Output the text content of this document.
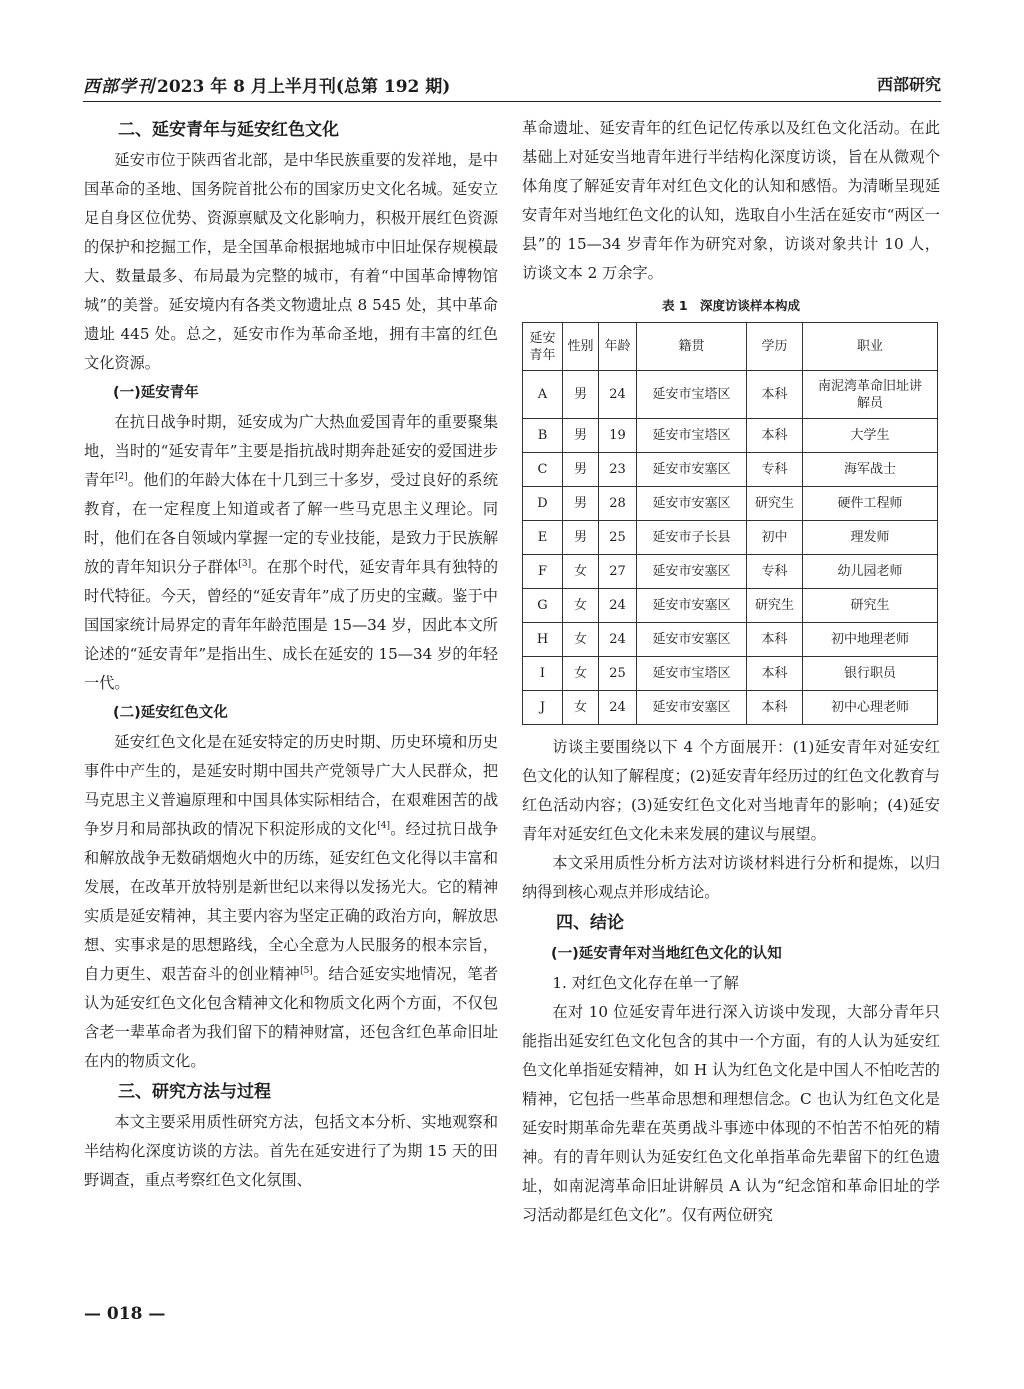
西部学刊 2023 年 8 月上半月刊(总第 192 期)	西部研究
二、延安青年与延安红色文化
延安市位于陕西省北部，是中华民族重要的发祥地，是中国革命的圣地、国务院首批公布的国家历史文化名城。延安立足自身区位优势、资源禀赋及文化影响力，积极开展红色资源的保护和挖掘工作，是全国革命根据地城市中旧址保存规模最大、数量最多、布局最为完整的城市，有着“中国革命博物馆城”的美誉。延安境内有各类文物遗址点 8 545 处，其中革命遗址 445 处。总之，延安市作为革命圣地，拥有丰富的红色文化资源。
(一)延安青年
在抗日战争时期，延安成为广大热血爱国青年的重要聚集地，当时的“延安青年”主要是指抗战时期奔赴延安的爱国进步青年[2]。他们的年龄大体在十几到三十多岁，受过良好的系统教育，在一定程度上知道或者了解一些马克思主义理论。同时，他们在各自领域内掌握一定的专业技能，是致力于民族解放的青年知识分子群体[3]。在那个时代，延安青年具有独特的时代特征。今天，曾经的“延安青年”成了历史的宝藏。鉴于中国国家统计局界定的青年年龄范围是 15—34 岁，因此本文所论述的“延安青年”是指出生、成长在延安的 15—34 岁的年轻一代。
(二)延安红色文化
延安红色文化是在延安特定的历史时期、历史环境和历史事件中产生的，是延安时期中国共产党领导广大人民群众，把马克思主义普遍原理和中国具体实际相结合，在艰难困苦的战争岁月和局部执政的情况下积淀形成的文化[4]。经过抗日战争和解放战争无数硝烟炮火中的历练，延安红色文化得以丰富和发展，在改革开放特别是新世纪以来得以发扬光大。它的精神实质是延安精神，其主要内容为坚定正确的政治方向，解放思想、实事求是的思想路线，全心全意为人民服务的根本宗旨，自力更生、艰苦奋斗的创业精神[5]。结合延安实地情况，笔者认为延安红色文化包含精神文化和物质文化两个方面，不仅包含老一辈革命者为我们留下的精神财富，还包含红色革命旧址在内的物质文化。
三、研究方法与过程
本文主要采用质性研究方法，包括文本分析、实地观察和半结构化深度访谈的方法。首先在延安进行了为期 15 天的田野调查，重点考察红色文化氛围、
革命遗址、延安青年的红色记忆传承以及红色文化活动。在此基础上对延安当地青年进行半结构化深度访谈，旨在从微观个体角度了解延安青年对红色文化的认知和感悟。为清晰呈现延安青年对当地红色文化的认知，选取自小生活在延安市“两区一县”的 15—34 岁青年作为研究对象，访谈对象共计 10 人，访谈文本 2 万余字。
表 1　深度访谈样本构成
延安青年	性别	年龄	籍贯	学历	职业
A	男	24	延安市宝塔区	本科	南泥湾革命旧址讲解员
B	男	19	延安市宝塔区	本科	大学生
C	男	23	延安市安塞区	专科	海军战士
D	男	28	延安市安塞区	研究生	硬件工程师
E	男	25	延安市子长县	初中	理发师
F	女	27	延安市安塞区	专科	幼儿园老师
G	女	24	延安市安塞区	研究生	研究生
H	女	24	延安市安塞区	本科	初中地理老师
I	女	25	延安市宝塔区	本科	银行职员
J	女	24	延安市安塞区	本科	初中心理老师
访谈主要围绕以下 4 个方面展开：(1)延安青年对延安红色文化的认知了解程度；(2)延安青年经历过的红色文化教育与红色活动内容；(3)延安红色文化对当地青年的影响；(4)延安青年对延安红色文化未来发展的建议与展望。
本文采用质性分析方法对访谈材料进行分析和提炼，以归纳得到核心观点并形成结论。
四、结论
(一)延安青年对当地红色文化的认知
1. 对红色文化存在单一了解
在对 10 位延安青年进行深入访谈中发现，大部分青年只能指出延安红色文化包含的其中一个方面，有的人认为延安红色文化单指延安精神，如 H 认为红色文化是中国人不怕吃苦的精神，它包括一些革命思想和理想信念。C 也认为红色文化是延安时期革命先辈在英勇战斗事迹中体现的不怕苦不怕死的精神。有的青年则认为延安红色文化单指革命先辈留下的红色遗址，如南泥湾革命旧址讲解员 A 认为“纪念馆和革命旧址的学习活动都是红色文化”。仅有两位研究
— 018 —
